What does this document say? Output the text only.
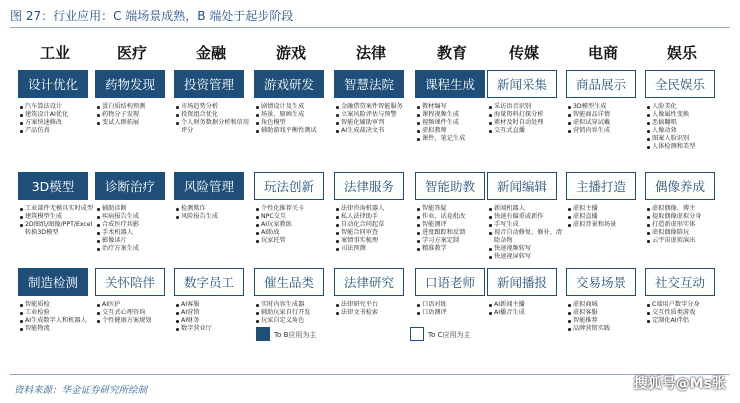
图 27：行业应用：C 端场景成熟，B 端处于起步阶段
工业	医疗	金融	游戏	法律	教育	传媒	电商	娱乐
设计优化
汽车算法设计
建筑设计AI优化
方案快速修改
产品仿真
药物发现
蛋白质结构预测
药物分子发现
变试人群拓展
投资管理
市场趋势分析
投资组合优化
个人财务数据分析和信用评分
游戏研发
剧情设计及生成
场景、原画生成
角色模型
辅助游戏平衡性测试
智慧法院
金融借贷案件智能服务
立案风险评估与预警
智能化辅助审判
AI生成裁决文书
课程生成
教材编写
课程视频生成
视频课件生成
虚拟教师
课件、笔记生成
新闻采集
采访语音识别
海量资料打探分析
素材及时自动处理
交互式直播
商品展示
3D模型生成
智能商品详情
虚拟试穿试戴
营销内容生成
全民娱乐
人脸美化
人像属性变换
恶搞翻唱
人像动效
图案人脸识别
人体检测和美型
3D模型
工业部件无模具实时成型
建筑模型生成
2D图纸/图像/PPT/Excel转换3D模型
诊断治疗
辅助诊断
疾病报告生成
合成医疗共影
手术机器人
影像读片
治疗方案生成
风险管理
检测欺诈
风险报告生成
玩法创新
个性化推荐关卡
NPC交互
AI玩家教练
AI助战
玩家托管
法律服务
法律咨询机器人
私人法律助手
自动化合同起草
智能合同审查
案情事实梳理
司法预测
智能助教
智能答疑
作业、试卷批改
智能测评
进度跟踪和反馈
学习方案定制
精准教学
新闻编辑
新闻机器人
快速有偏重或新作
手写生成
视音自动修复、修补、清除杂物
快速视频转写
快速视屏转写
主播打造
虚拟主播
虚拟直播
虚拟背景和场景
偶像养成
虚拟偶像、博主
提取偶像虚拟分身
打造新虚形实体
虚拟偶像陪玩
云宇宙虚拟演出
制造检测
智能质检
工业检验
AI生成数字人和机器人
智能物流
关怀陪伴
AI医护
交互式心理咨询
个性健康方案规划
数字员工
AI客服
AI营销
AI财务
数字营业厅
催生品类
实时内容生成器
辅助玩家自行开发
玩家自定义角色
法律研究
法律研究平台
法律文书检索
口语老师
口语对练
口语测评
新闻播报
AI新闻主播
AI播音生成
交易场景
虚拟商城
虚拟客服
智能推荐
品牌营销实践
社交互动
C端用户数字分身
交互性质类游戏
定制化AI伴侣
To B应用为主	To C应用为主
资料来源：华金证券研究所绘制	搜狐号@Ms张
